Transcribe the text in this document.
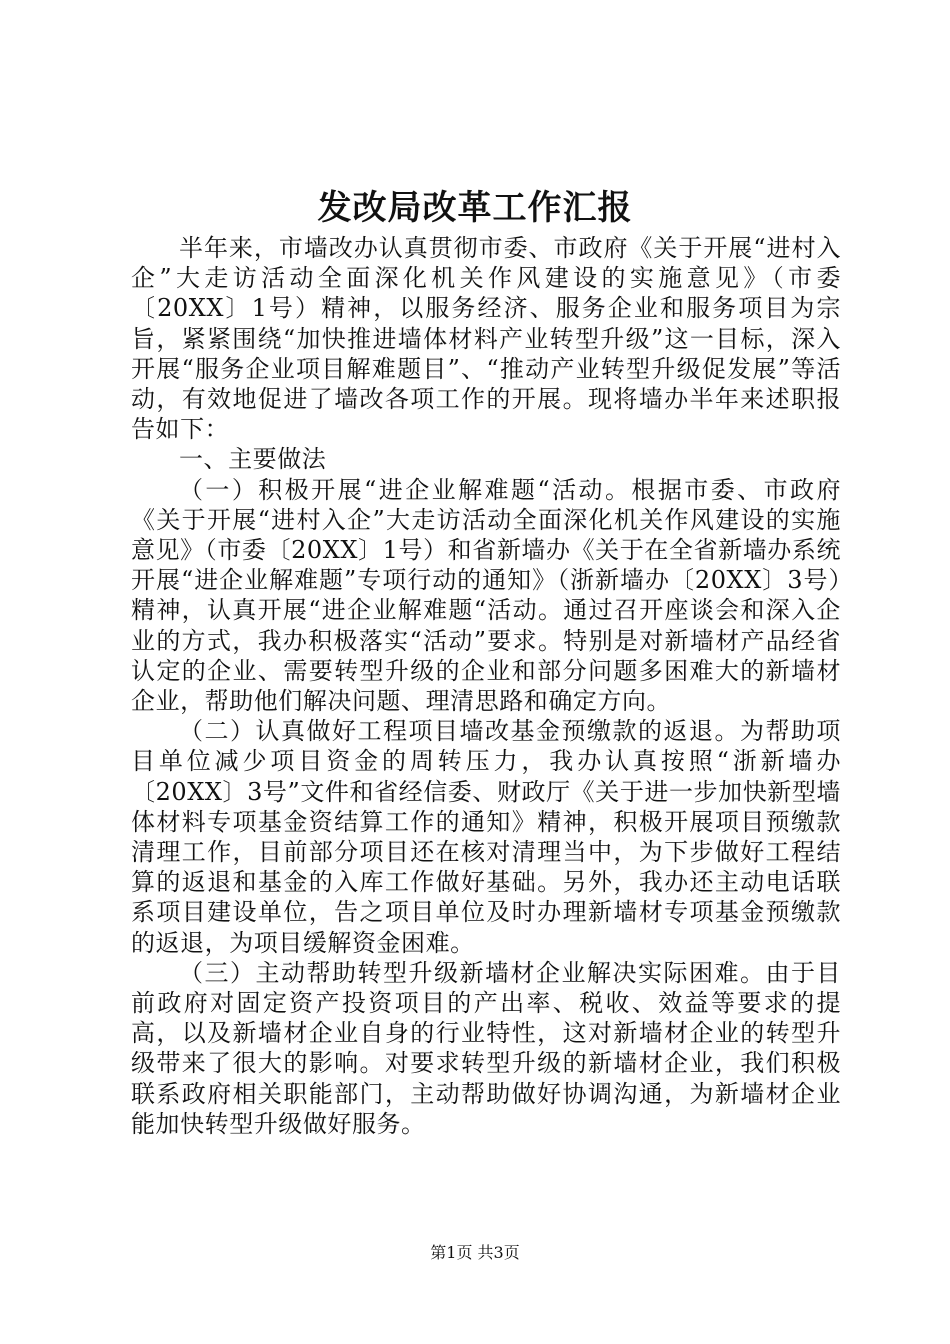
发改局改革工作汇报

半年来，市墙改办认真贯彻市委、市政府《关于开展“进村入企”大走访活动全面深化机关作风建设的实施意见》（市委〔20XX〕1号）精神，以服务经济、服务企业和服务项目为宗旨，紧紧围绕“加快推进墙体材料产业转型升级”这一目标，深入开展“服务企业项目解难题目”、“推动产业转型升级促发展”等活动，有效地促进了墙改各项工作的开展。现将墙办半年来述职报告如下：

一、主要做法

（一）积极开展“进企业解难题“活动。根据市委、市政府《关于开展“进村入企”大走访活动全面深化机关作风建设的实施意见》（市委〔20XX〕1号）和省新墙办《关于在全省新墙办系统开展“进企业解难题”专项行动的通知》（浙新墙办〔20XX〕3号）精神，认真开展“进企业解难题“活动。通过召开座谈会和深入企业的方式，我办积极落实“活动”要求。特别是对新墙材产品经省认定的企业、需要转型升级的企业和部分问题多困难大的新墙材企业，帮助他们解决问题、理清思路和确定方向。

（二）认真做好工程项目墙改基金预缴款的返退。为帮助项目单位减少项目资金的周转压力，我办认真按照“浙新墙办〔20XX〕3号”文件和省经信委、财政厅《关于进一步加快新型墙体材料专项基金资结算工作的通知》精神，积极开展项目预缴款清理工作，目前部分项目还在核对清理当中，为下步做好工程结算的返退和基金的入库工作做好基础。另外，我办还主动电话联系项目建设单位，告之项目单位及时办理新墙材专项基金预缴款的返退，为项目缓解资金困难。

（三）主动帮助转型升级新墙材企业解决实际困难。由于目前政府对固定资产投资项目的产出率、税收、效益等要求的提高，以及新墙材企业自身的行业特性，这对新墙材企业的转型升级带来了很大的影响。对要求转型升级的新墙材企业，我们积极联系政府相关职能部门，主动帮助做好协调沟通，为新墙材企业能加快转型升级做好服务。

第1页 共3页
